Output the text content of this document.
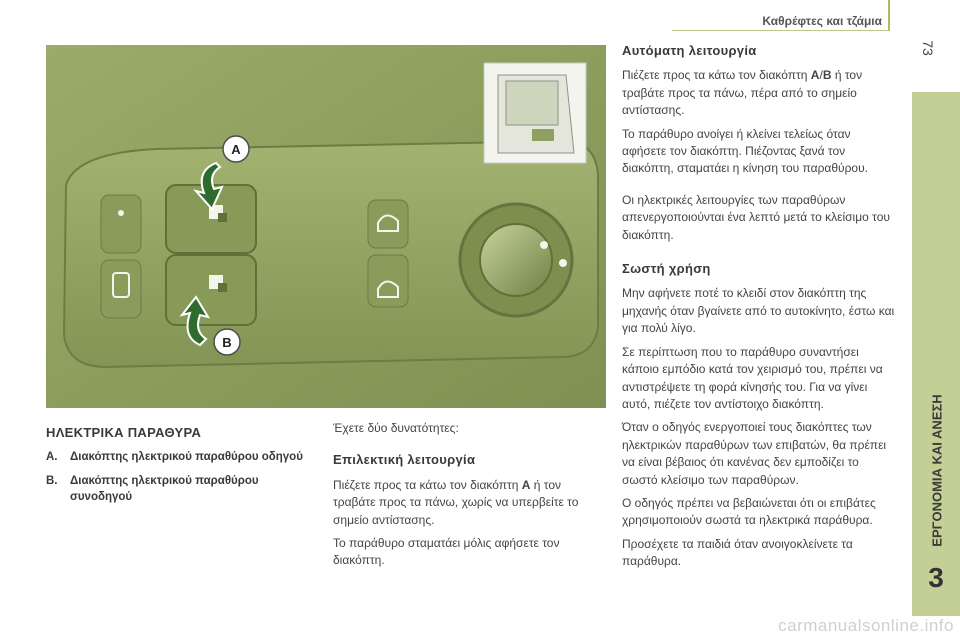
Καθρέφτες και τζάμια
73
ΕΡΓΟΝΟΜΙΑ ΚΑΙ ΑΝΕΣΗ
3
A
B
ΗΛΕΚΤΡΙΚΑ ΠΑΡΑΘΥΡΑ
A.	Διακόπτης ηλεκτρικού παραθύρου οδηγού
B.	Διακόπτης ηλεκτρικού παραθύρου συνοδηγού

Έχετε δύο δυνατότητες:

Επιλεκτική λειτουργία

Πιέζετε προς τα κάτω τον διακόπτη A ή τον τραβάτε προς τα πάνω, χωρίς να υπερβείτε το σημείο αντίστασης.

Το παράθυρο σταματάει μόλις αφήσετε τον διακόπτη.

Αυτόματη λειτουργία

Πιέζετε προς τα κάτω τον διακόπτη A/B ή τον τραβάτε προς τα πάνω, πέρα από το σημείο αντίστασης.

Το παράθυρο ανοίγει ή κλείνει τελείως όταν αφήσετε τον διακόπτη. Πιέζοντας ξανά τον διακόπτη, σταματάει η κίνηση του παραθύρου.

Οι ηλεκτρικές λειτουργίες των παραθύρων απενεργοποιούνται ένα λεπτό μετά το κλείσιμο του διακόπτη.

Σωστή χρήση

Μην αφήνετε ποτέ το κλειδί στον διακόπτη της μηχανής όταν βγαίνετε από το αυτοκίνητο, έστω και για πολύ λίγο.

Σε περίπτωση που το παράθυρο συναντήσει κάποιο εμπόδιο κατά τον χειρισμό του, πρέπει να αντιστρέψετε τη φορά κίνησής του. Για να γίνει αυτό, πιέζετε τον αντίστοιχο διακόπτη.

Όταν ο οδηγός ενεργοποιεί τους διακόπτες των ηλεκτρικών παραθύρων των επιβατών, θα πρέπει να είναι βέβαιος ότι κανένας δεν εμποδίζει το σωστό κλείσιμο των παραθύρων.

Ο οδηγός πρέπει να βεβαιώνεται ότι οι επιβάτες χρησιμοποιούν σωστά τα ηλεκτρικά παράθυρα.

Προσέχετε τα παιδιά όταν ανοιγοκλείνετε τα παράθυρα.

carmanualsonline.info
